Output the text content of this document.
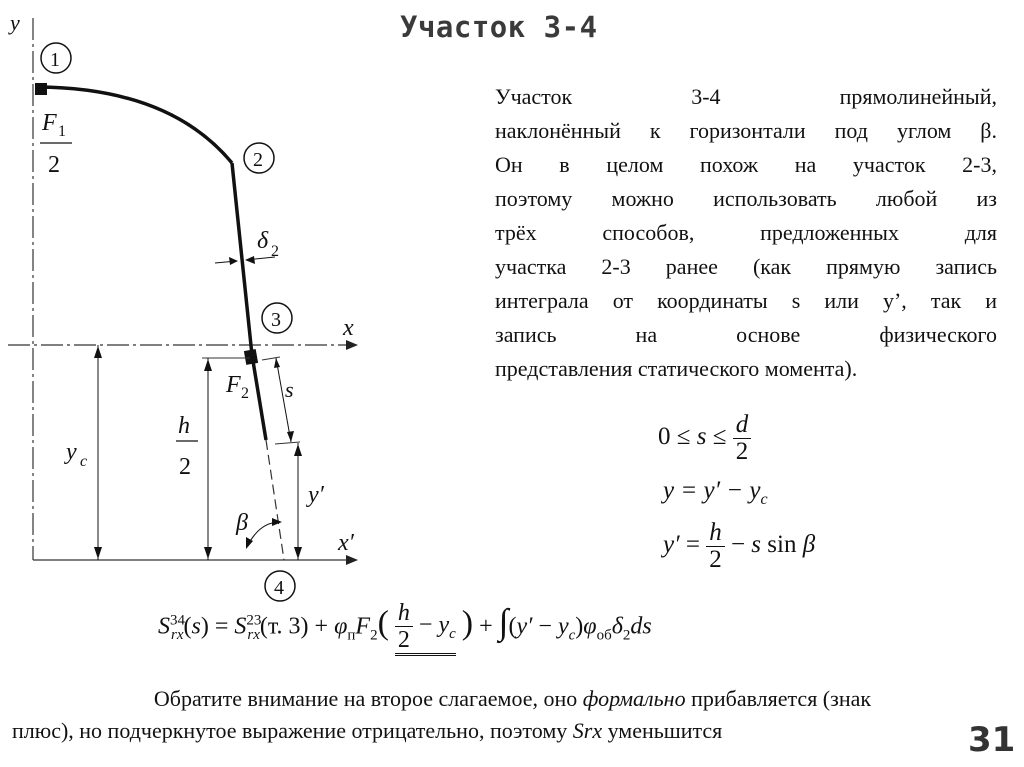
Участок 3-4
y
x
x′
1
2
3
4
F 1
2
δ 2
F 2 s
y c
h
2
y′
β
Участок 3-4 прямолинейный,
наклонённый к горизонтали под углом β.
Он в целом похож на участок 2-3,
поэтому можно использовать любой из
трёх способов, предложенных для
участка 2-3 ранее (как прямую запись
интеграла от координаты s или y’, так и
запись на основе физического
представления статического момента).
$0 \le s \le \frac{d}{2}$
$y = y' - y_c$
$y' = \frac{h}{2} - s$ sin β
$S^{34}_{rx}(s) = S^{23}_{rx}(т$. $3) + \varphi_пF_2( \frac{h}{2} - y_c$ ) + $\int(y' - y_c)\varphi_{об}\delta_2ds$
Обратите внимание на второе слагаемое, оно формально прибавляется (знак
плюс), но подчеркнутое выражение отрицательно, поэтому Srx уменьшится	31
